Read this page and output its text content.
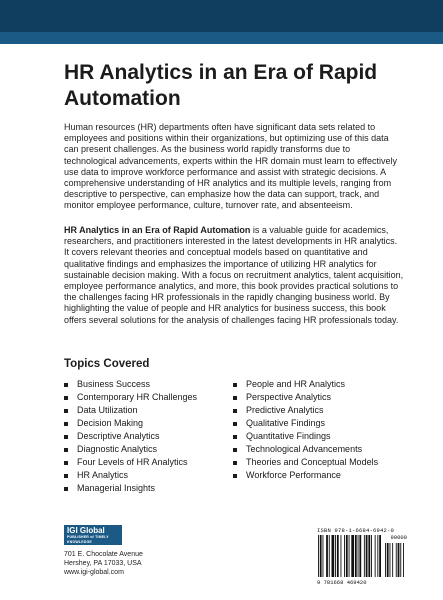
HR Analytics in an Era of Rapid Automation

Human resources (HR) departments often have significant data sets related to employees and positions within their organizations, but optimizing use of this data can present challenges. As the business world rapidly transforms due to technological advancements, experts within the HR domain must learn to effectively use data to improve workforce performance and assist with strategic decisions. A comprehensive understanding of HR analytics and its multiple levels, ranging from descriptive to perspective, can emphasize how the data can support, track, and monitor employee performance, culture, turnover rate, and absenteeism.

HR Analytics in an Era of Rapid Automation is a valuable guide for academics, researchers, and practitioners interested in the latest developments in HR analytics. It covers relevant theories and conceptual models based on quantitative and qualitative findings and emphasizes the importance of utilizing HR analytics for sustainable decision making. With a focus on recruitment analytics, talent acquisition, employee performance analytics, and more, this book provides practical solutions to the challenges facing HR professionals in the rapidly changing business world. By highlighting the value of people and HR analytics for business success, this book offers several solutions for the analysis of challenges facing HR professionals today.

Topics Covered
Business Success
Contemporary HR Challenges
Data Utilization
Decision Making
Descriptive Analytics
Diagnostic Analytics
Four Levels of HR Analytics
HR Analytics
Managerial Insights
People and HR Analytics
Perspective Analytics
Predictive Analytics
Qualitative Findings
Quantitative Findings
Technological Advancements
Theories and Conceptual Models
Workforce Performance
IGI Global
PUBLISHER of TIMELY KNOWLEDGE
701 E. Chocolate Avenue
Hershey, PA 17033, USA
www.igi-global.com
ISBN 978-1-6684-6942-0
9 781668 469420
90000
